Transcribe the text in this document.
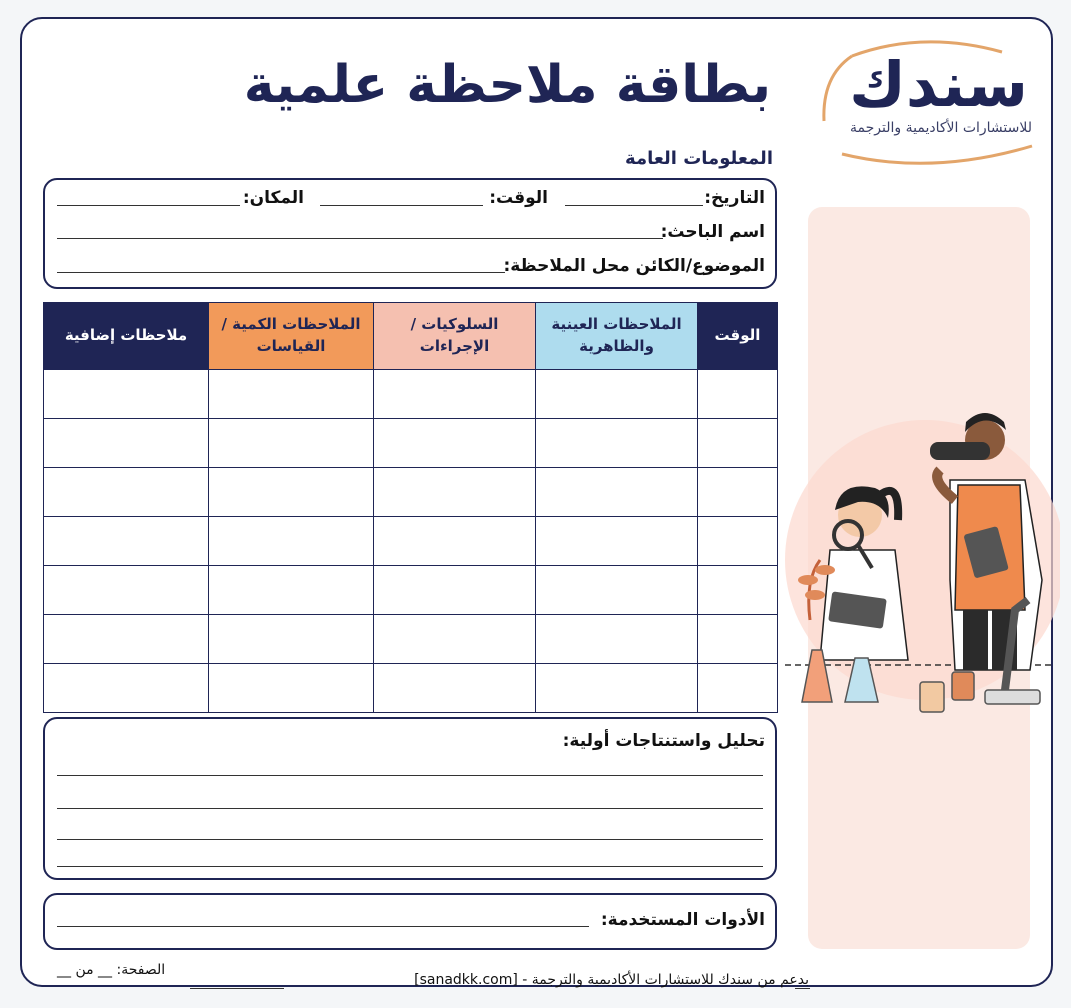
سندك
للاستشارات الأكاديمية والترجمة
بطاقة ملاحظة علمية
المعلومات العامة
التاريخ:
الوقت:
المكان:
اسم الباحث:
الموضوع/الكائن محل الملاحظة:
الوقت	الملاحظات العينية والظاهرية	السلوكيات / الإجراءات	الملاحظات الكمية /القياسات	ملاحظات إضافية

تحليل واستنتاجات أولية:
الأدوات المستخدمة:
بدعم من سندك للاستشارات الأكاديمية والترجمة - [sanadkk.com]
الصفحة: __ من __
